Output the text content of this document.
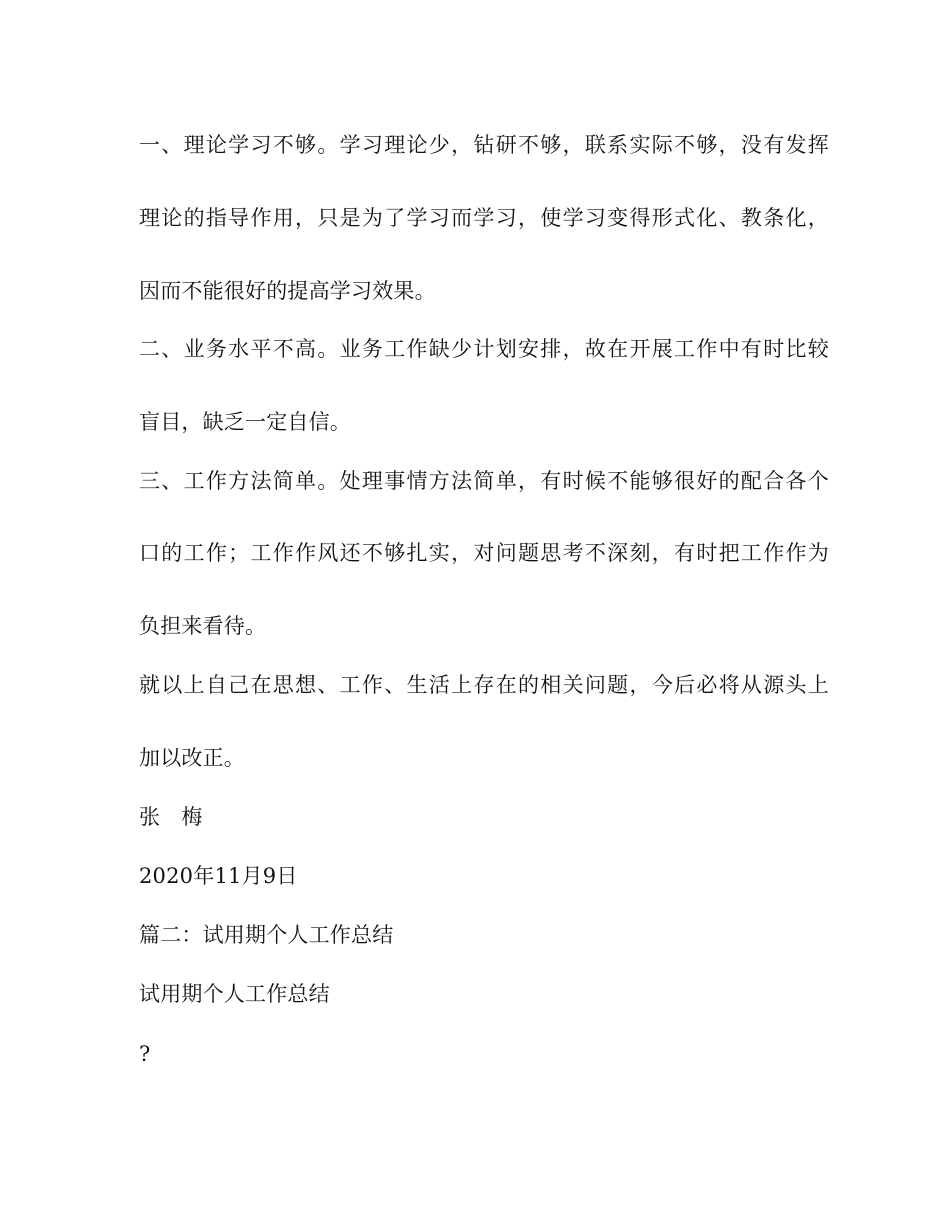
一、理论学习不够。学习理论少，钻研不够，联系实际不够，没有发挥
理论的指导作用，只是为了学习而学习，使学习变得形式化、教条化，
因而不能很好的提高学习效果。
二、业务水平不高。业务工作缺少计划安排，故在开展工作中有时比较
盲目，缺乏一定自信。
三、工作方法简单。处理事情方法简单，有时候不能够很好的配合各个
口的工作；工作作风还不够扎实，对问题思考不深刻，有时把工作作为
负担来看待。
就以上自己在思想、工作、生活上存在的相关问题，今后必将从源头上
加以改正。
张　梅
2020年11月9日
篇二：试用期个人工作总结
试用期个人工作总结
?
